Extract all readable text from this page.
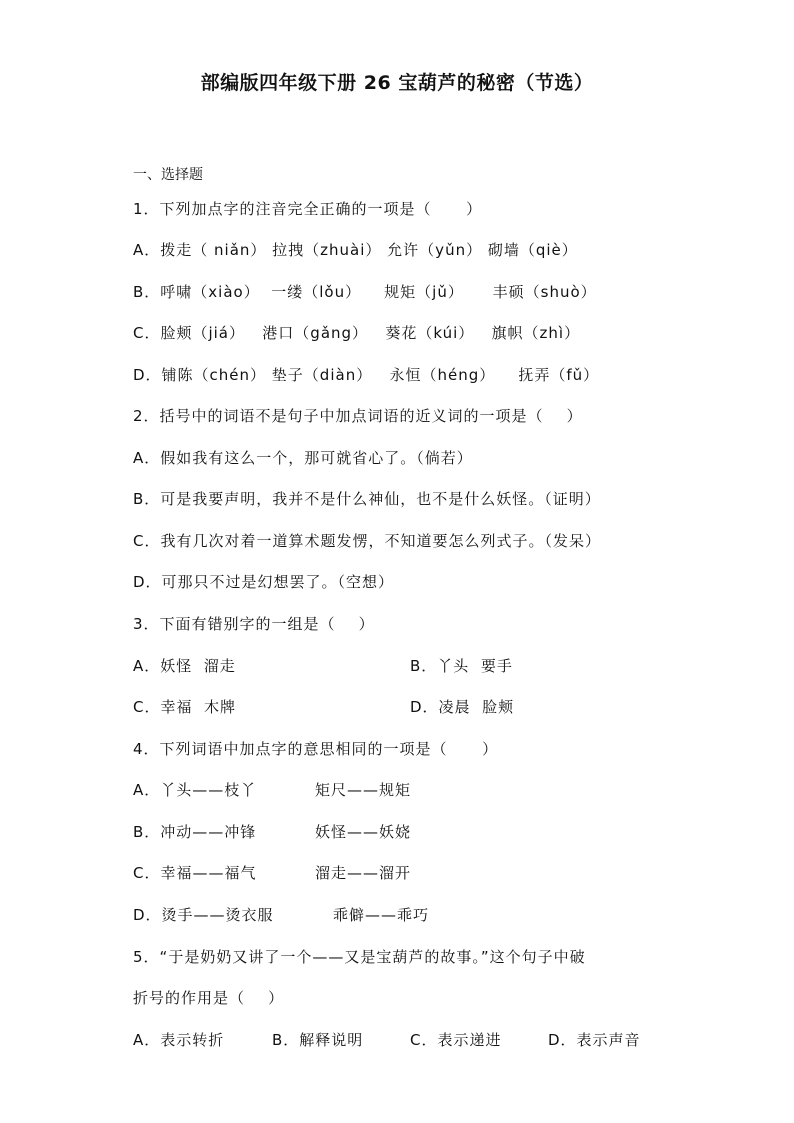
部编版四年级下册 26 宝葫芦的秘密（节选）
一、选择题
1．下列加点字的注音完全正确的一项是（      ）
A．拨走（ niǎn） 拉拽（zhuài） 允许（yǔn） 砌墙（qiè）
B．呼啸（xiào）  一缕（lǒu）    规矩（jǔ）     丰硕（shuò）
C．脸颊（jiá）   港口（gǎng）   葵花（kúi）   旗帜（zhì）
D．铺陈（chén） 垫子（diàn）   永恒（héng）    抚弄（fǔ）
2．括号中的词语不是句子中加点词语的近义词的一项是（    ）
A．假如我有这么一个，那可就省心了。（倘若）
B．可是我要声明，我并不是什么神仙，也不是什么妖怪。（证明）
C．我有几次对着一道算术题发愣，不知道要怎么列式子。（发呆）
D．可那只不过是幻想罢了。（空想）
3．下面有错别字的一组是（    ）
A．妖怪  溜走	B．丫头  要手
C．幸福  木牌	D．凌晨  脸颊
4．下列词语中加点字的意思相同的一项是（      ）
A．丫头——枝丫	矩尺——规矩
B．冲动——冲锋	妖怪——妖娆
C．幸福——福气	溜走——溜开
D．烫手——烫衣服	乖僻——乖巧
5．“于是奶奶又讲了一个——又是宝葫芦的故事。”这个句子中破
折号的作用是（    ）
A．表示转折	B．解释说明	C．表示递进	D．表示声音
